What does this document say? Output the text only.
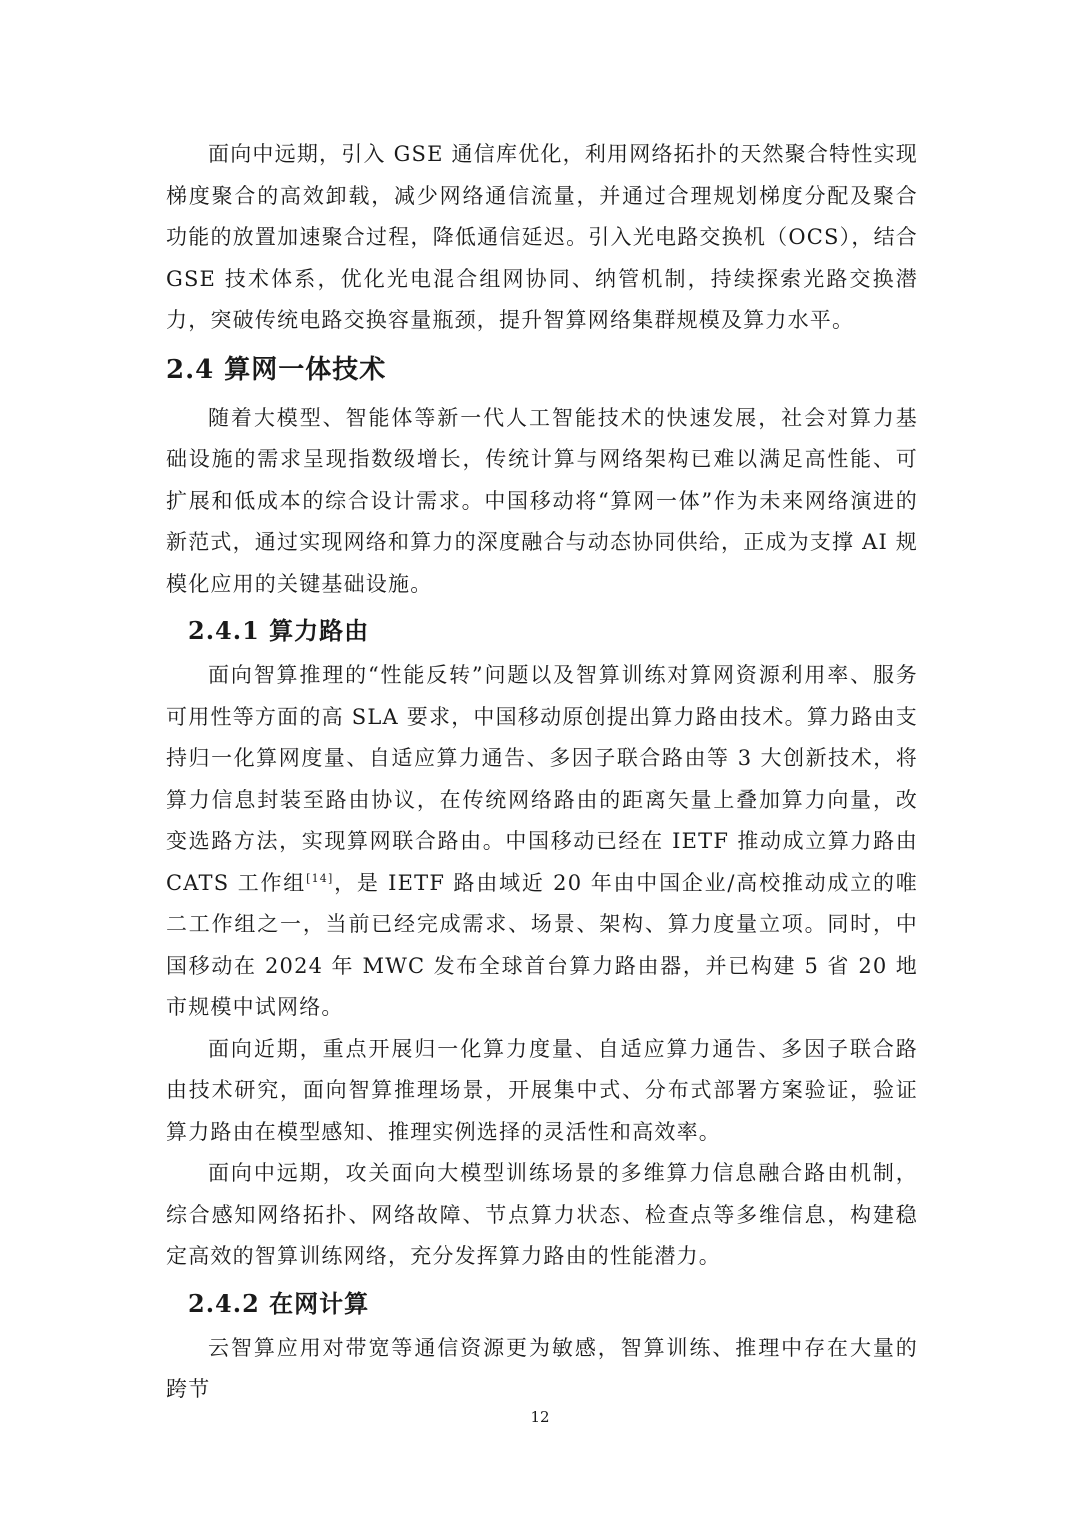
面向中远期，引入 GSE 通信库优化，利用网络拓扑的天然聚合特性实现梯度聚合的高效卸载，减少网络通信流量，并通过合理规划梯度分配及聚合功能的放置加速聚合过程，降低通信延迟。引入光电路交换机（OCS），结合 GSE 技术体系，优化光电混合组网协同、纳管机制，持续探索光路交换潜力，突破传统电路交换容量瓶颈，提升智算网络集群规模及算力水平。

2.4 算网一体技术

随着大模型、智能体等新一代人工智能技术的快速发展，社会对算力基础设施的需求呈现指数级增长，传统计算与网络架构已难以满足高性能、可扩展和低成本的综合设计需求。中国移动将“算网一体”作为未来网络演进的新范式，通过实现网络和算力的深度融合与动态协同供给，正成为支撑 AI 规模化应用的关键基础设施。

2.4.1 算力路由

面向智算推理的“性能反转”问题以及智算训练对算网资源利用率、服务可用性等方面的高 SLA 要求，中国移动原创提出算力路由技术。算力路由支持归一化算网度量、自适应算力通告、多因子联合路由等 3 大创新技术，将算力信息封装至路由协议，在传统网络路由的距离矢量上叠加算力向量，改变选路方法，实现算网联合路由。中国移动已经在 IETF 推动成立算力路由 CATS 工作组[14]，是 IETF 路由域近 20 年由中国企业/高校推动成立的唯二工作组之一，当前已经完成需求、场景、架构、算力度量立项。同时，中国移动在 2024 年 MWC 发布全球首台算力路由器，并已构建 5 省 20 地市规模中试网络。

面向近期，重点开展归一化算力度量、自适应算力通告、多因子联合路由技术研究，面向智算推理场景，开展集中式、分布式部署方案验证，验证算力路由在模型感知、推理实例选择的灵活性和高效率。

面向中远期，攻关面向大模型训练场景的多维算力信息融合路由机制，综合感知网络拓扑、网络故障、节点算力状态、检查点等多维信息，构建稳定高效的智算训练网络，充分发挥算力路由的性能潜力。

2.4.2 在网计算

云智算应用对带宽等通信资源更为敏感，智算训练、推理中存在大量的跨节

12
